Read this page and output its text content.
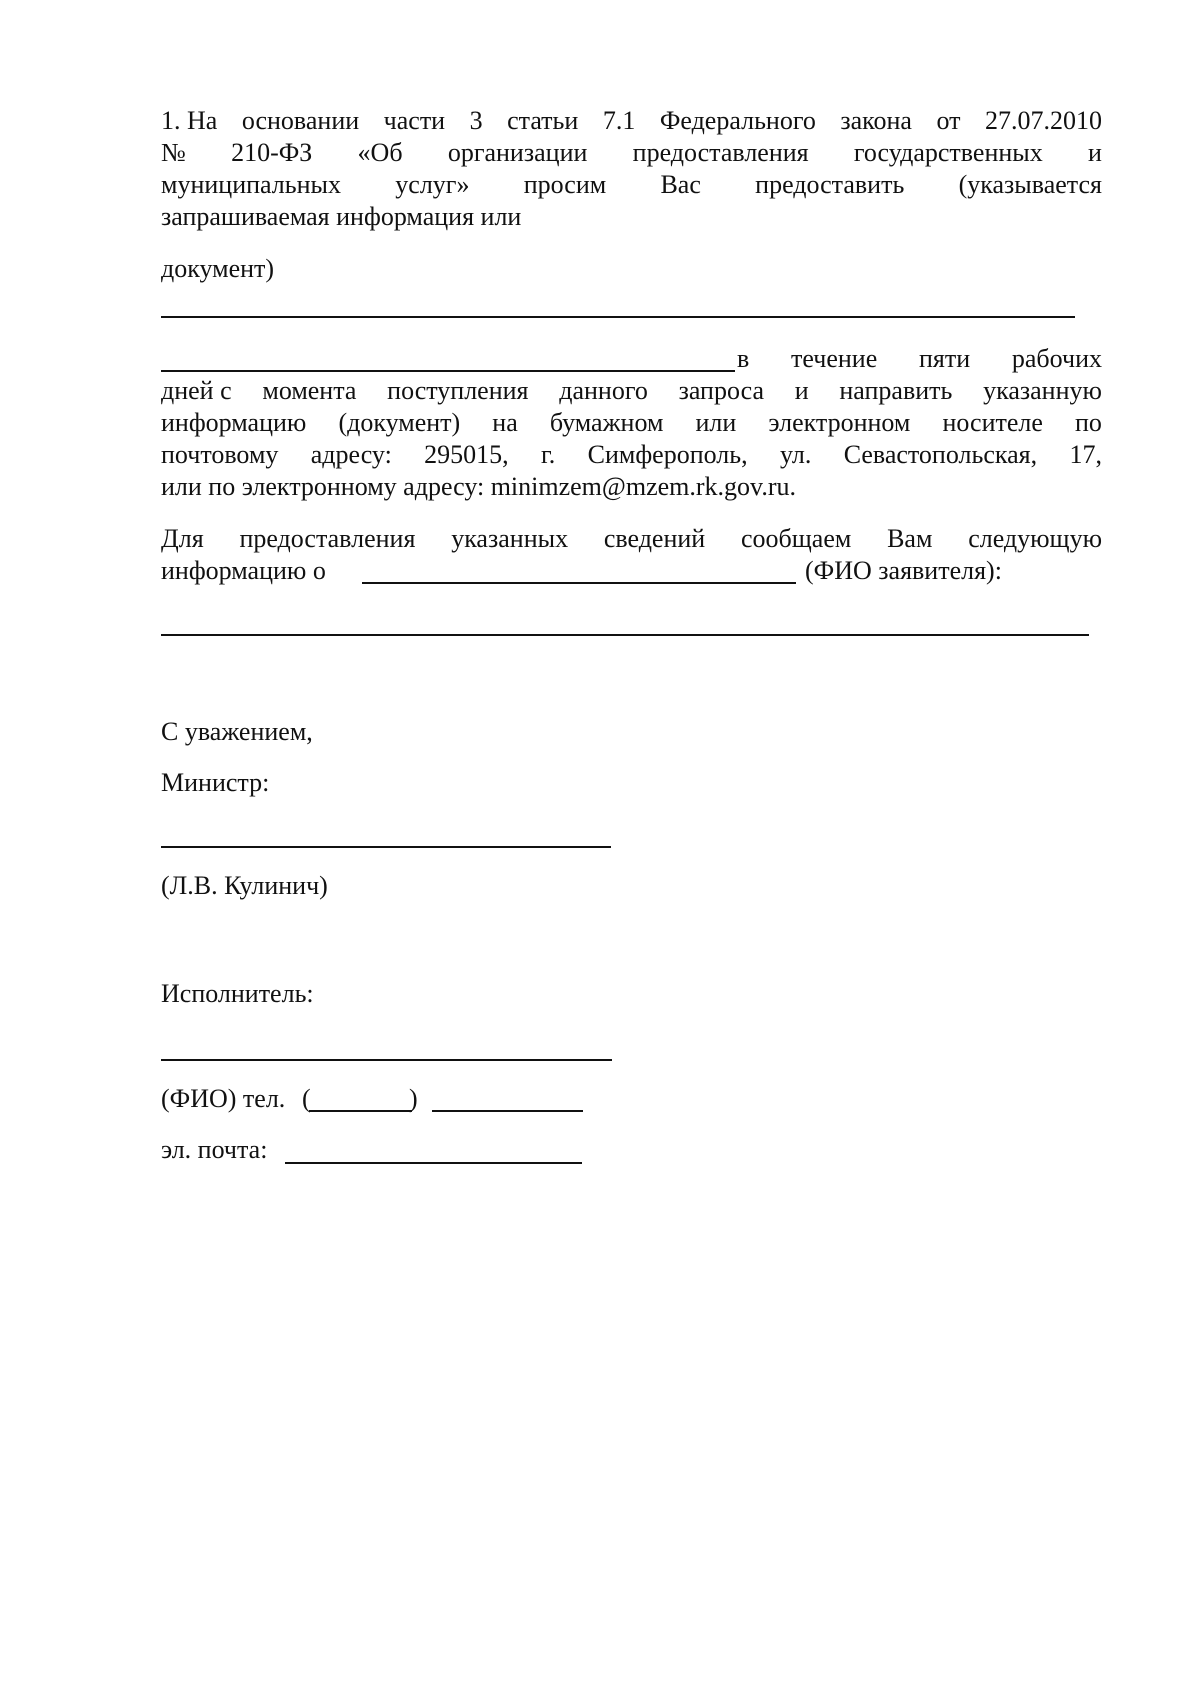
1. На основании части 3 статьи 7.1 Федерального закона от 27.07.2010
№ 210-ФЗ «Об организации предоставления государственных и
муниципальных услуг» просим Вас предоставить (указывается

запрашиваемая информация или

документ)

в течение пяти рабочих
дней с момента поступления данного запроса и направить указанную
информацию (документ) на бумажном или электронном носителе по
почтовому адресу: 295015, г. Симферополь, ул. Севастопольская, 17,

или по электронному адресу: minimzem@mzem.rk.gov.ru.

Для предоставления указанных сведений сообщаем Вам следующую

информацию о	(ФИО заявителя):

С уважением,

Министр:

(Л.В. Кулинич)

Исполнитель:

(ФИО) тел. (	)

эл. почта:
